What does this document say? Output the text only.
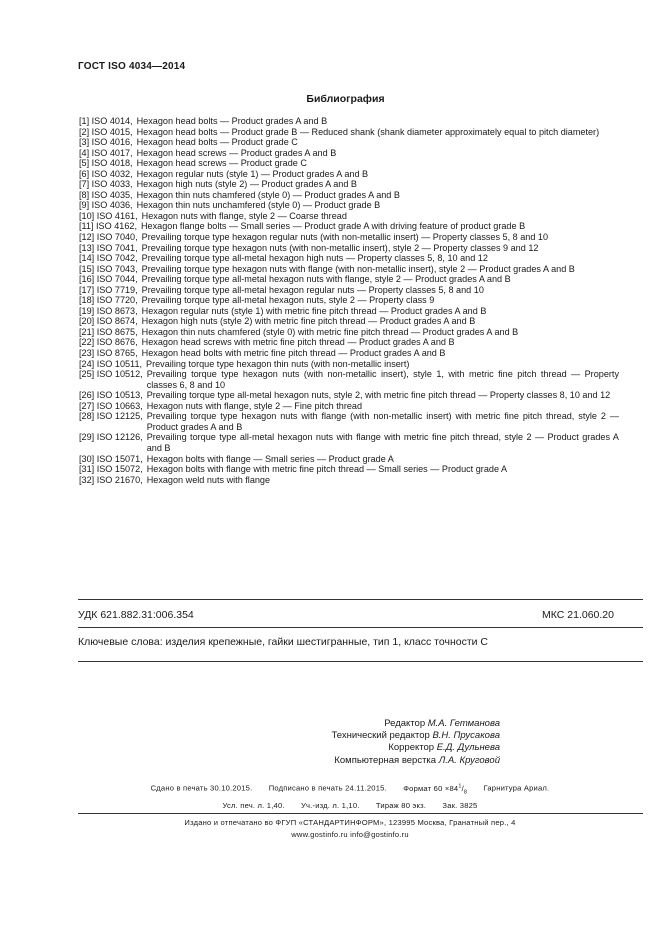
ГОСТ ISO 4034—2014
Библиография
[1] ISO 4014, Hexagon head bolts — Product grades A and B
[2] ISO 4015, Hexagon head bolts — Product grade B — Reduced shank (shank diameter approximately equal to pitch diameter)
[3] ISO 4016, Hexagon head bolts — Product grade C
[4] ISO 4017, Hexagon head screws — Product grades A and B
[5] ISO 4018, Hexagon head screws — Product grade C
[6] ISO 4032, Hexagon regular nuts (style 1) — Product grades A and B
[7] ISO 4033, Hexagon high nuts (style 2) — Product grades A and B
[8] ISO 4035, Hexagon thin nuts chamfered (style 0) — Product grades A and B
[9] ISO 4036, Hexagon thin nuts unchamfered (style 0) — Product grade B
[10] ISO 4161, Hexagon nuts with flange, style 2 — Coarse thread
[11] ISO 4162, Hexagon flange bolts — Small series — Product grade A with driving feature of product grade B
[12] ISO 7040, Prevailing torque type hexagon regular nuts (with non-metallic insert) — Property classes 5, 8 and 10
[13] ISO 7041, Prevailing torque type hexagon nuts (with non-metallic insert), style 2 — Property classes 9 and 12
[14] ISO 7042, Prevailing torque type all-metal hexagon high nuts — Property classes 5, 8, 10 and 12
[15] ISO 7043, Prevailing torque type hexagon nuts with flange (with non-metallic insert), style 2 — Product grades A and B
[16] ISO 7044, Prevailing torque type all-metal hexagon nuts with flange, style 2 — Product grades A and B
[17] ISO 7719, Prevailing torque type all-metal hexagon regular nuts — Property classes 5, 8 and 10
[18] ISO 7720, Prevailing torque type all-metal hexagon nuts, style 2 — Property class 9
[19] ISO 8673, Hexagon regular nuts (style 1) with metric fine pitch thread — Product grades A and B
[20] ISO 8674, Hexagon high nuts (style 2) with metric fine pitch thread — Product grades A and B
[21] ISO 8675, Hexagon thin nuts chamfered (style 0) with metric fine pitch thread — Product grades A and B
[22] ISO 8676, Hexagon head screws with metric fine pitch thread — Product grades A and B
[23] ISO 8765, Hexagon head bolts with metric fine pitch thread — Product grades A and B
[24] ISO 10511, Prevailing torque type hexagon thin nuts (with non-metallic insert)
[25] ISO 10512, Prevailing torque type hexagon nuts (with non-metallic insert), style 1, with metric fine pitch thread — Property classes 6, 8 and 10
[26] ISO 10513, Prevailing torque type all-metal hexagon nuts, style 2, with metric fine pitch thread — Property classes 8, 10 and 12
[27] ISO 10663, Hexagon nuts with flange, style 2 — Fine pitch thread
[28] ISO 12125, Prevailing torque type hexagon nuts with flange (with non-metallic insert) with metric fine pitch thread, style 2 — Product grades A and B
[29] ISO 12126, Prevailing torque type all-metal hexagon nuts with flange with metric fine pitch thread, style 2 — Product grades A and B
[30] ISO 15071, Hexagon bolts with flange — Small series — Product grade A
[31] ISO 15072, Hexagon bolts with flange with metric fine pitch thread — Small series — Product grade A
[32] ISO 21670, Hexagon weld nuts with flange
УДК 621.882.31:006.354	МКС 21.060.20
Ключевые слова: изделия крепежные, гайки шестигранные, тип 1, класс точности С
Редактор М.А. Гетманова
Технический редактор В.Н. Прусакова
Корректор Е.Д. Дульнева
Компьютерная верстка Л.А. Круговой
Сдано в печать 30.10.2015. Подписано в печать 24.11.2015. Формат $60 \times 84^1/_8$ Гарнитура Ариал.
Усл. печ. л. 1,40. Уч.-изд. л. 1,10. Тираж 80 экз. Зак. 3825
Издано и отпечатано во ФГУП «СТАНДАРТИНФОРМ», 123995 Москва, Гранатный пер., 4
www.gostinfo.ru info@gostinfo.ru
